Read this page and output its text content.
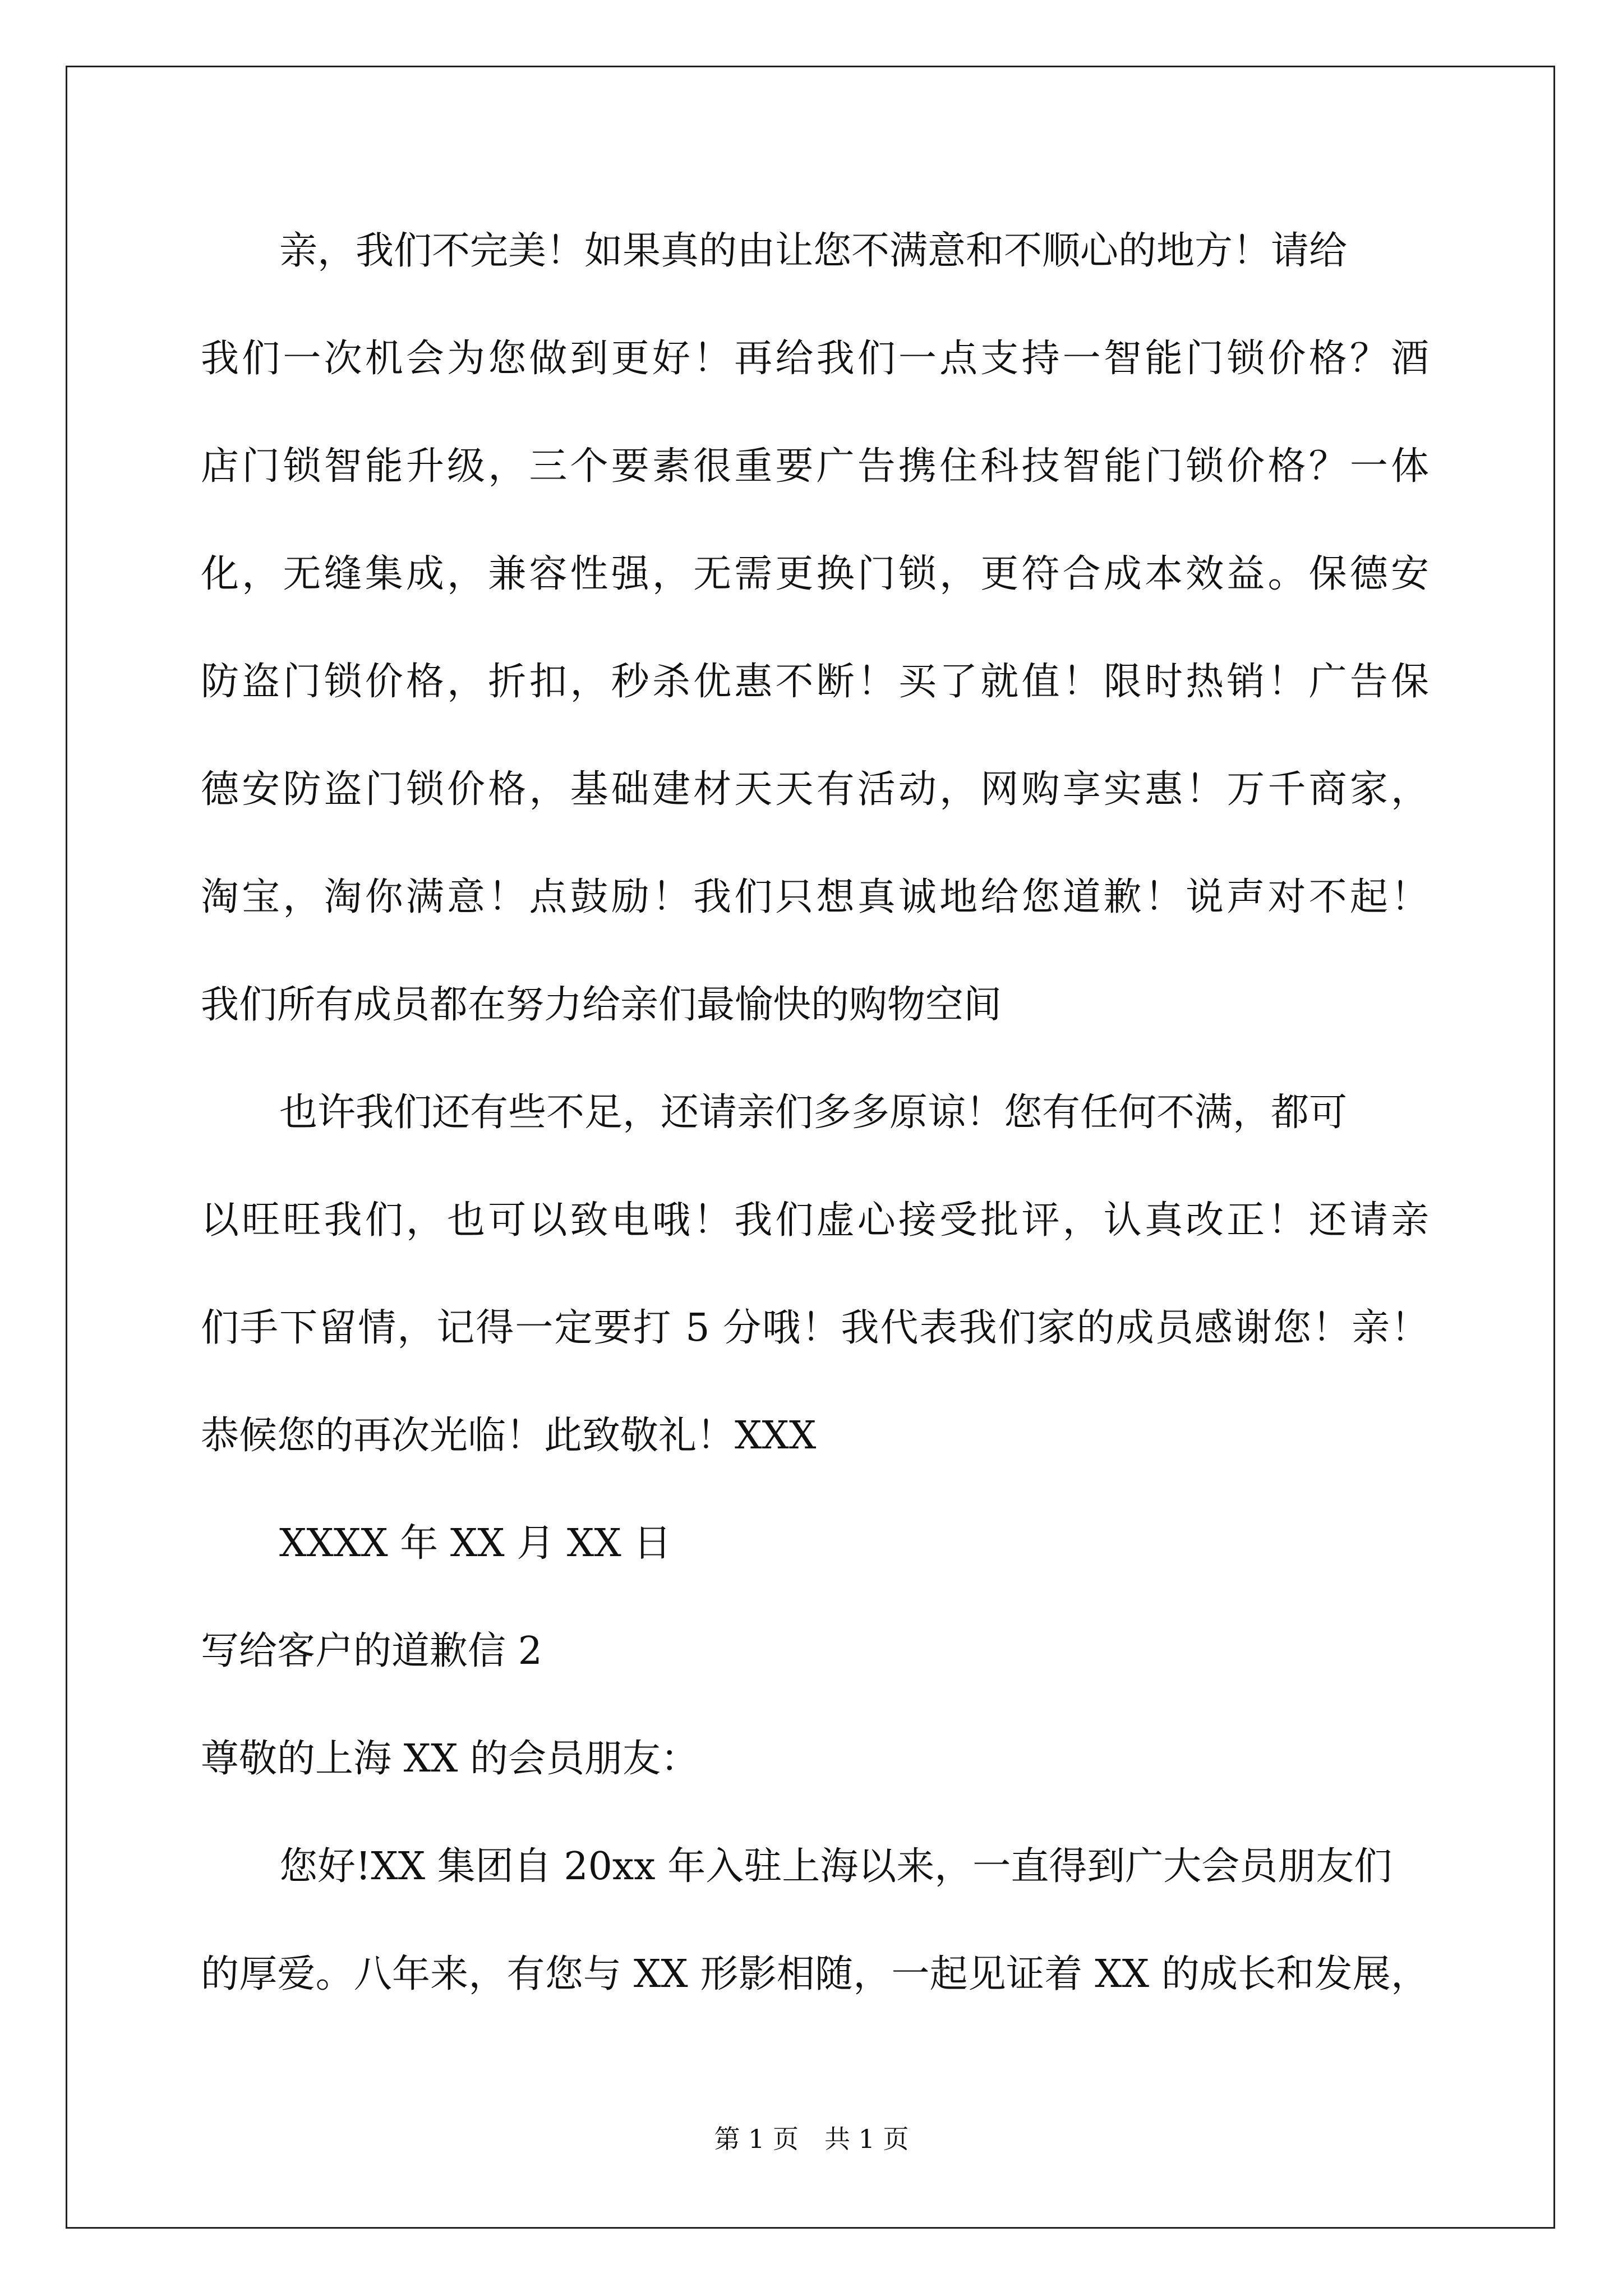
亲，我们不完美！如果真的由让您不满意和不顺心的地方！请给
我们一次机会为您做到更好！再给我们一点支持一智能门锁价格？酒
店门锁智能升级，三个要素很重要广告携住科技智能门锁价格？一体
化，无缝集成，兼容性强，无需更换门锁，更符合成本效益。保德安
防盗门锁价格，折扣，秒杀优惠不断！买了就值！限时热销！广告保
德安防盗门锁价格，基础建材天天有活动，网购享实惠！万千商家，
淘宝，淘你满意！点鼓励！我们只想真诚地给您道歉！说声对不起！
我们所有成员都在努力给亲们最愉快的购物空间
也许我们还有些不足，还请亲们多多原谅！您有任何不满，都可
以旺旺我们，也可以致电哦！我们虚心接受批评，认真改正！还请亲
们手下留情，记得一定要打 5 分哦！我代表我们家的成员感谢您！亲！
恭候您的再次光临！此致敬礼！XXX
XXXX 年 XX 月 XX 日
写给客户的道歉信 2
尊敬的上海 XX 的会员朋友：
您好!XX 集团自 20xx 年入驻上海以来，一直得到广大会员朋友们
的厚爱。八年来，有您与 XX 形影相随，一起见证着 XX 的成长和发展，
第 1 页　共 1 页
